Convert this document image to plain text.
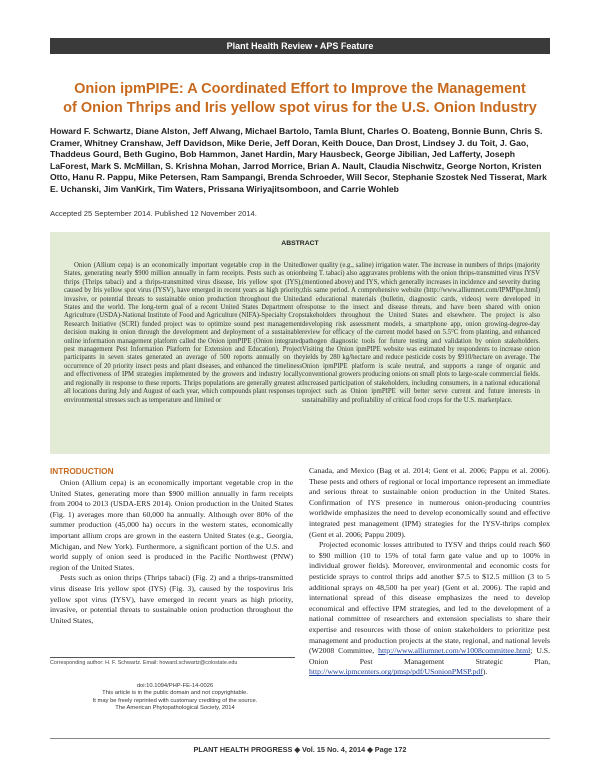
Plant Health Review • APS Feature
Onion ipmPIPE: A Coordinated Effort to Improve the Management
of Onion Thrips and Iris yellow spot virus for the U.S. Onion Industry
Howard F. Schwartz, Diane Alston, Jeff Alwang, Michael Bartolo, Tamla Blunt, Charles O. Boateng, Bonnie Bunn, Chris S. Cramer, Whitney Cranshaw, Jeff Davidson, Mike Derie, Jeff Doran, Keith Douce, Dan Drost, Lindsey J. du Toit, J. Gao, Thaddeus Gourd, Beth Gugino, Bob Hammon, Janet Hardin, Mary Hausbeck, George Jibilian, Jed Lafferty, Joseph LaForest, Mark S. McMillan, S. Krishna Mohan, Jarrod Morrice, Brian A. Nault, Claudia Nischwitz, George Norton, Kristen Otto, Hanu R. Pappu, Mike Petersen, Ram Sampangi, Brenda Schroeder, Will Secor, Stephanie Szostek Ned Tisserat, Mark E. Uchanski, Jim VanKirk, Tim Waters, Prissana Wiriyajitsomboon, and Carrie Wohleb
Accepted 25 September 2014. Published 12 November 2014.
ABSTRACT

Onion (Allium cepa) is an economically important vegetable crop in the United States, generating nearly $900 million annually in farm receipts. Pests such as onion thrips (Thrips tabaci) and a thrips-transmitted virus disease, Iris yellow spot (IYS), caused by Iris yellow spot virus (IYSV), have emerged in recent years as high priority, invasive, or potential threats to sustainable onion production throughout the United States and the world. The long-term goal of a recent United States Department of Agriculture (USDA)-National Institute of Food and Agriculture (NIFA)-Specialty Crop Research Initiative (SCRI) funded project was to optimize sound pest management decision making in onion through the development and deployment of a sustainable online information management platform called the Onion ipmPIPE (Onion integrated pest management Pest Information Platform for Extension and Education). Project participants in seven states generated an average of 500 reports annually on the occurrence of 20 priority insect pests and plant diseases, and enhanced the timeliness and effectiveness of IPM strategies implemented by the growers and industry locally and regionally in response to these reports. Thrips populations are generally greatest at all locations during July and August of each year, which compounds plant responses to environmental stresses such as temperature and limited or

lower quality (e.g., saline) irrigation water. The increase in numbers of thrips (majority being T. tabaci) also aggravates problems with the onion thrips-transmitted virus IYSV (mentioned above) and IYS, which generally increases in incidence and severity during this same period. A comprehensive website (http://www.alliumnet.com/IPMPipe.html) and educational materials (bulletin, diagnostic cards, videos) were developed in response to the insect and disease threats, and have been shared with onion stakeholders throughout the United States and elsewhere. The project is also developing risk assessment models, a smartphone app, onion growing-degree-day review for efficacy of the current model based on 5.5°C from planting, and enhanced pathogen diagnostic tools for future testing and validation by onion stakeholders. Visiting the Onion ipmPIPE website was estimated by respondents to increase onion yields by 280 kg/hectare and reduce pesticide costs by $910/hectare on average. The Onion ipmPIPE platform is scale neutral, and supports a range of organic and conventional growers producing onions on small plots to large-scale commercial fields. Increased participation of stakeholders, including consumers, in a national educational project such as Onion ipmPIPE will better serve current and future interests in sustainability and profitability of critical food crops for the U.S. marketplace.

INTRODUCTION

Onion (Allium cepa) is an economically important vegetable crop in the United States, generating more than $900 million annually in farm receipts from 2004 to 2013 (USDA-ERS 2014). Onion production in the United States (Fig. 1) averages more than 60,000 ha annually. Although over 80% of the summer production (45,000 ha) occurs in the western states, economically important allium crops are grown in the eastern United States (e.g., Georgia, Michigan, and New York). Furthermore, a significant portion of the U.S. and world supply of onion seed is produced in the Pacific Northwest (PNW) region of the United States.

Pests such as onion thrips (Thrips tabaci) (Fig. 2) and a thrips-transmitted virus disease Iris yellow spot (IYS) (Fig. 3), caused by the tospovirus Iris yellow spot virus (IYSV), have emerged in recent years as high priority, invasive, or potential threats to sustainable onion production throughout the United States,

Canada, and Mexico (Bag et al. 2014; Gent et al. 2006; Pappu et al. 2006). These pests and others of regional or local importance represent an immediate and serious threat to sustainable onion production in the United States. Confirmation of IYS presence in numerous onion-producing countries worldwide emphasizes the need to develop economically sound and effective integrated pest management (IPM) strategies for the IYSV-thrips complex (Gent et al. 2006; Pappu 2009).

Projected economic losses attributed to IYSV and thrips could reach $60 to $90 million (10 to 15% of total farm gate value and up to 100% in individual grower fields). Moreover, environmental and economic costs for pesticide sprays to control thrips add another $7.5 to $12.5 million (3 to 5 additional sprays on 48,500 ha per year) (Gent et al. 2006). The rapid and international spread of this disease emphasizes the need to develop economical and effective IPM strategies, and led to the development of a national committee of researchers and extension specialists to share their expertise and resources with those of onion stakeholders to prioritize pest management and production projects at the state, regional, and national levels (W2008 Committee, http://www.alliumnet.com/w1008committee.html; U.S. Onion Pest Management Strategic Plan, http://www.ipmcenters.org/pmsp/pdf/USonionPMSP.pdf).

Corresponding author: H. F. Schwartz. Email: howard.schwartz@colostate.edu
doi:10.1094/PHP-FE-14-0026
This article is in the public domain and not copyrightable.
It may be freely reprinted with customary crediting of the source.
The American Phytopathological Society, 2014
PLANT HEALTH PROGRESS ◆ Vol. 15 No. 4, 2014 ◆ Page 172
